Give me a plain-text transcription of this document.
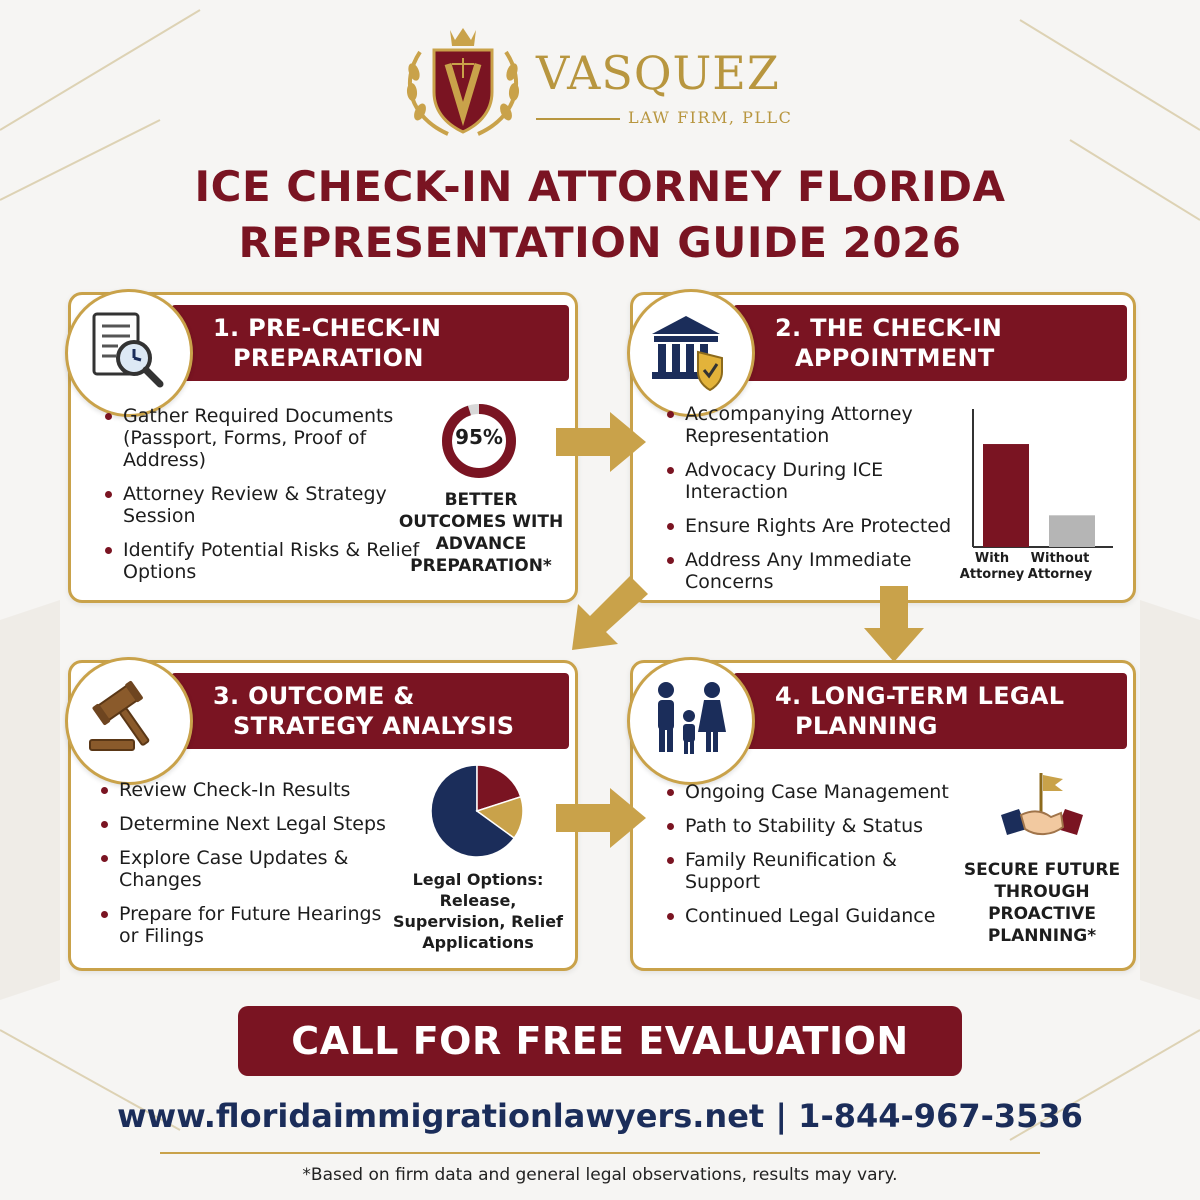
VASQUEZ
LAW FIRM, PLLC
ICE CHECK-IN ATTORNEY FLORIDA
REPRESENTATION GUIDE 2026
1. PRE-CHECK-IN
PREPARATION
Gather Required Documents (Passport, Forms, Proof of Address)
Attorney Review & Strategy Session
Identify Potential Risks & Relief Options
95%
BETTER OUTCOMES WITH ADVANCE PREPARATION*
2. THE CHECK-IN
APPOINTMENT
Accompanying Attorney Representation
Advocacy During ICE Interaction
Ensure Rights Are Protected
Address Any Immediate Concerns
With Attorney
Without Attorney
3. OUTCOME &
STRATEGY ANALYSIS
Review Check-In Results
Determine Next Legal Steps
Explore Case Updates & Changes
Prepare for Future Hearings or Filings
Legal Options: Release, Supervision, Relief Applications
4. LONG-TERM LEGAL
PLANNING
Ongoing Case Management
Path to Stability & Status
Family Reunification & Support
Continued Legal Guidance
SECURE FUTURE THROUGH PROACTIVE PLANNING*
CALL FOR FREE EVALUATION
www.floridaimmigrationlawyers.net | 1-844-967-3536
*Based on firm data and general legal observations, results may vary.
